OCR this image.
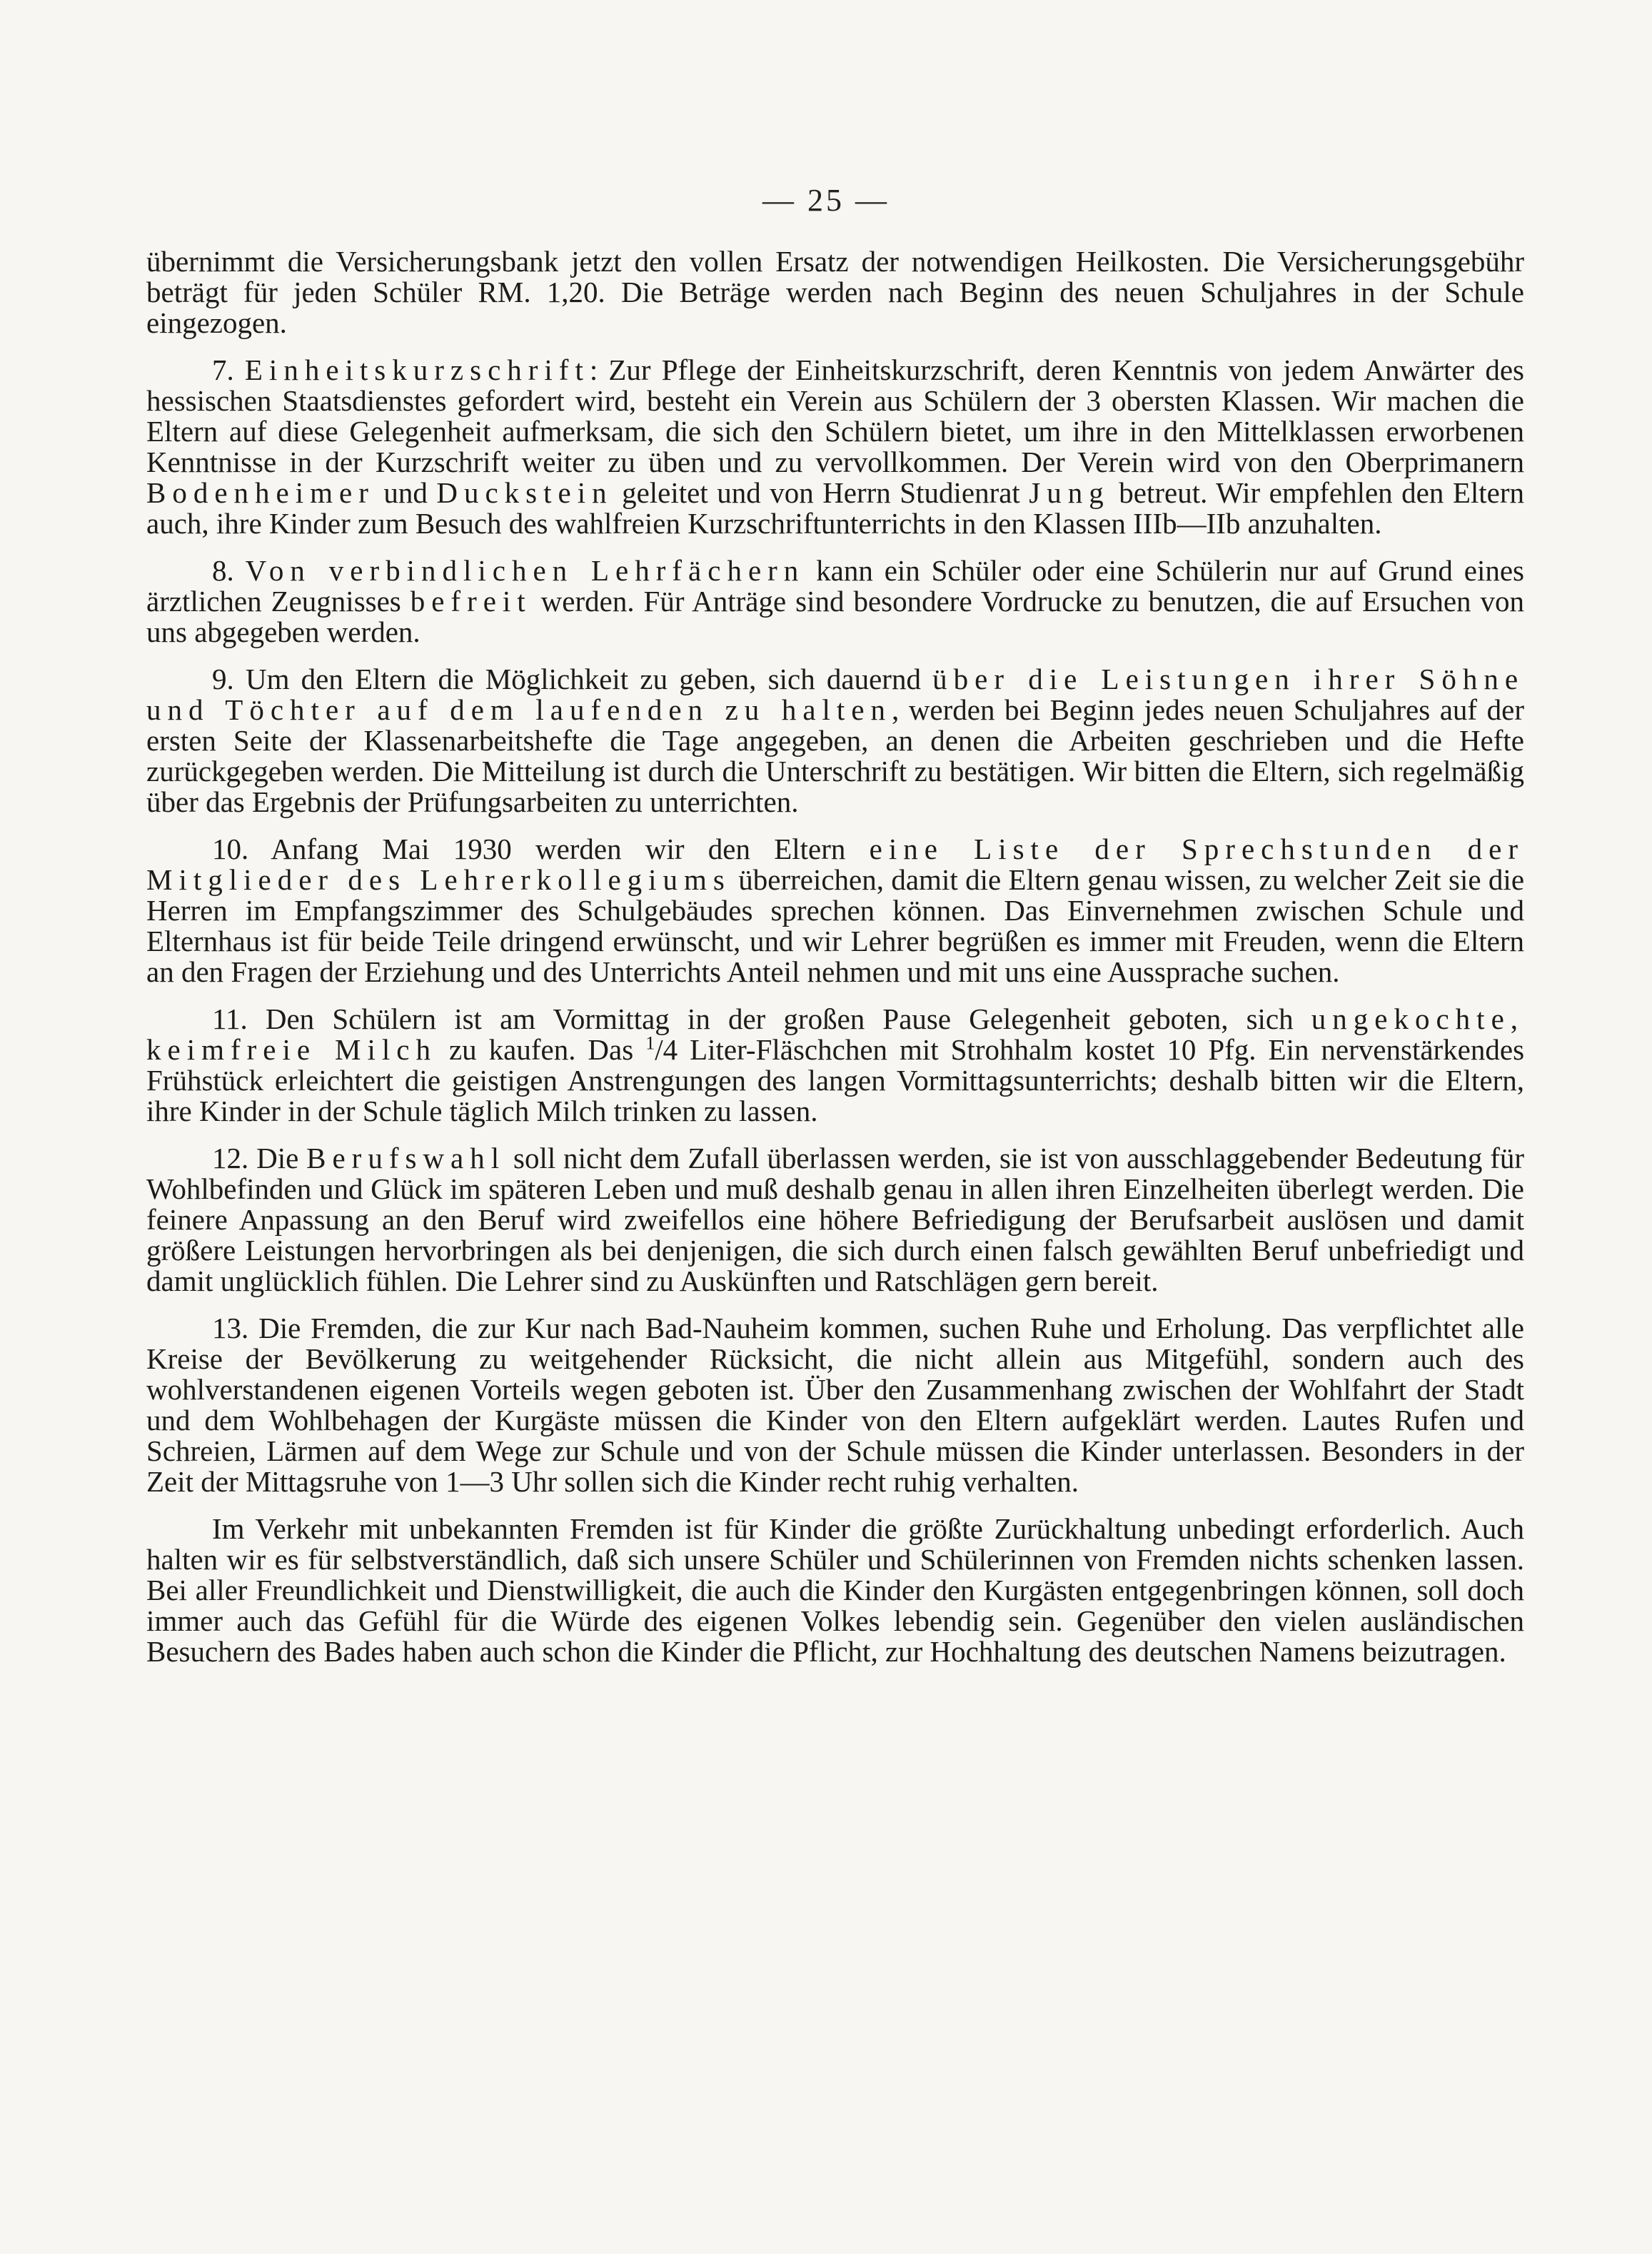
— 25 —

übernimmt die Versicherungsbank jetzt den vollen Ersatz der notwendigen Heilkosten. Die Versicherungsgebühr beträgt für jeden Schüler RM. 1,20. Die Beträge werden nach Beginn des neuen Schuljahres in der Schule eingezogen.

7. Einheitskurzschrift: Zur Pflege der Einheitskurzschrift, deren Kenntnis von jedem Anwärter des hessischen Staatsdienstes gefordert wird, besteht ein Verein aus Schülern der 3 obersten Klassen. Wir machen die Eltern auf diese Gelegenheit aufmerksam, die sich den Schülern bietet, um ihre in den Mittelklassen erworbenen Kenntnisse in der Kurzschrift weiter zu üben und zu vervollkommen. Der Verein wird von den Oberprimanern Bodenheimer und Duckstein geleitet und von Herrn Studienrat Jung betreut. Wir empfehlen den Eltern auch, ihre Kinder zum Besuch des wahlfreien Kurzschriftunterrichts in den Klassen IIIb—IIb anzuhalten.

8. Von verbindlichen Lehrfächern kann ein Schüler oder eine Schülerin nur auf Grund eines ärztlichen Zeugnisses befreit werden. Für Anträge sind besondere Vordrucke zu benutzen, die auf Ersuchen von uns abgegeben werden.

9. Um den Eltern die Möglichkeit zu geben, sich dauernd über die Leistungen ihrer Söhne und Töchter auf dem laufenden zu halten, werden bei Beginn jedes neuen Schuljahres auf der ersten Seite der Klassenarbeitshefte die Tage angegeben, an denen die Arbeiten geschrieben und die Hefte zurückgegeben werden. Die Mitteilung ist durch die Unterschrift zu bestätigen. Wir bitten die Eltern, sich regelmäßig über das Ergebnis der Prüfungsarbeiten zu unterrichten.

10. Anfang Mai 1930 werden wir den Eltern eine Liste der Sprechstunden der Mitglieder des Lehrerkollegiums überreichen, damit die Eltern genau wissen, zu welcher Zeit sie die Herren im Empfangszimmer des Schulgebäudes sprechen können. Das Einvernehmen zwischen Schule und Elternhaus ist für beide Teile dringend erwünscht, und wir Lehrer begrüßen es immer mit Freuden, wenn die Eltern an den Fragen der Erziehung und des Unterrichts Anteil nehmen und mit uns eine Aussprache suchen.

11. Den Schülern ist am Vormittag in der großen Pause Gelegenheit geboten, sich ungekochte, keimfreie Milch zu kaufen. Das $^1$/4 Liter-Fläschchen mit Strohhalm kostet 10 Pfg. Ein nervenstärkendes Frühstück erleichtert die geistigen Anstrengungen des langen Vormittagsunterrichts; deshalb bitten wir die Eltern, ihre Kinder in der Schule täglich Milch trinken zu lassen.

12. Die Berufswahl soll nicht dem Zufall überlassen werden, sie ist von ausschlaggebender Bedeutung für Wohlbefinden und Glück im späteren Leben und muß deshalb genau in allen ihren Einzelheiten überlegt werden. Die feinere Anpassung an den Beruf wird zweifellos eine höhere Befriedigung der Berufsarbeit auslösen und damit größere Leistungen hervorbringen als bei denjenigen, die sich durch einen falsch gewählten Beruf unbefriedigt und damit unglücklich fühlen. Die Lehrer sind zu Auskünften und Ratschlägen gern bereit.

13. Die Fremden, die zur Kur nach Bad-Nauheim kommen, suchen Ruhe und Erholung. Das verpflichtet alle Kreise der Bevölkerung zu weitgehender Rücksicht, die nicht allein aus Mitgefühl, sondern auch des wohlverstandenen eigenen Vorteils wegen geboten ist. Über den Zusammenhang zwischen der Wohlfahrt der Stadt und dem Wohlbehagen der Kurgäste müssen die Kinder von den Eltern aufgeklärt werden. Lautes Rufen und Schreien, Lärmen auf dem Wege zur Schule und von der Schule müssen die Kinder unterlassen. Besonders in der Zeit der Mittagsruhe von 1—3 Uhr sollen sich die Kinder recht ruhig verhalten.

Im Verkehr mit unbekannten Fremden ist für Kinder die größte Zurückhaltung unbedingt erforderlich. Auch halten wir es für selbstverständlich, daß sich unsere Schüler und Schülerinnen von Fremden nichts schenken lassen. Bei aller Freundlichkeit und Dienstwilligkeit, die auch die Kinder den Kurgästen entgegenbringen können, soll doch immer auch das Gefühl für die Würde des eigenen Volkes lebendig sein. Gegenüber den vielen ausländischen Besuchern des Bades haben auch schon die Kinder die Pflicht, zur Hochhaltung des deutschen Namens beizutragen.
